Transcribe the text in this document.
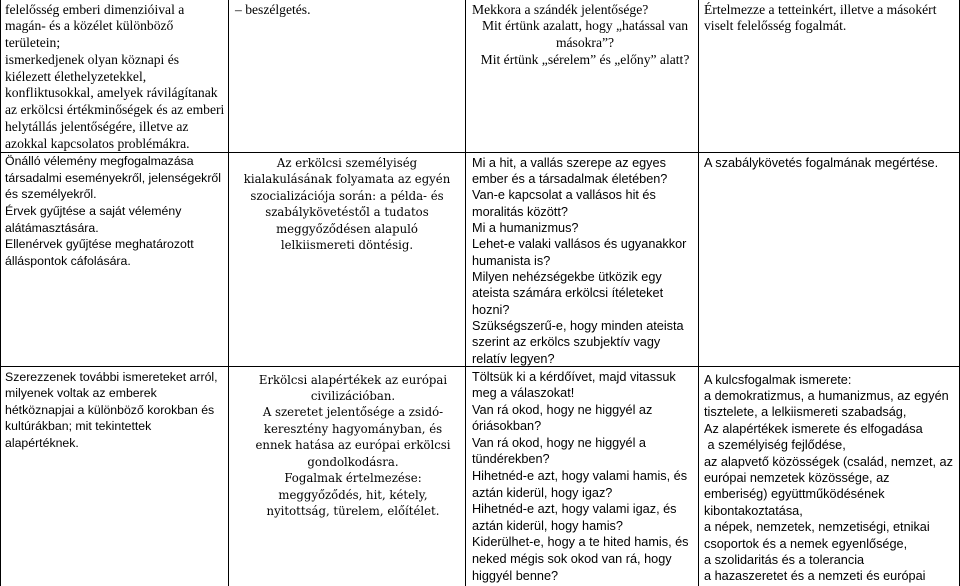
felelősség emberi dimenzióival a
magán- és a közélet különböző
területein;
ismerkedjenek olyan köznapi és
kiélezett élethelyzetekkel,
konfliktusokkal, amelyek rávilágítanak
az erkölcsi értékminőségek és az emberi
helytállás jelentőségére, illetve az
azokkal kapcsolatos problémákra.
– beszélgetés.	Mekkora a szándék jelentősége?
Mit értünk azalatt, hogy „hatással van
másokra”?
Mit értünk „sérelem” és „előny” alatt?
Értelmezze a tetteinkért, illetve a másokért
viselt felelősség fogalmát.
Önálló vélemény megfogalmazása
társadalmi eseményekről, jelenségekről
és személyekről.
Érvek gyűjtése a saját vélemény
alátámasztására.
Ellenérvek gyűjtése meghatározott
álláspontok cáfolására.
Az erkölcsi személyiség
kialakulásának folyamata az egyén
szocializációja során: a példa- és
szabálykövetéstől a tudatos
meggyőződésen alapuló
lelkiismereti döntésig.
Mi a hit, a vallás szerepe az egyes
ember és a társadalmak életében?
Van-e kapcsolat a vallásos hit és
moralitás között?
Mi a humanizmus?
Lehet-e valaki vallásos és ugyanakkor
humanista is?
Milyen nehézségekbe ütközik egy
ateista számára erkölcsi ítéleteket
hozni?
Szükségszerű-e, hogy minden ateista
szerint az erkölcs szubjektív vagy
relatív legyen?
A szabálykövetés fogalmának megértése.
Szerezzenek további ismereteket arról,
milyenek voltak az emberek
hétköznapjai a különböző korokban és
kultúrákban; mit tekintettek
alapértéknek.
Erkölcsi alapértékek az európai
civilizációban.
A szeretet jelentősége a zsidó-
keresztény hagyományban, és
ennek hatása az európai erkölcsi
gondolkodásra.
Fogalmak értelmezése:
meggyőződés, hit, kétely,
nyitottság, türelem, előítélet.
Töltsük ki a kérdőívet, majd vitassuk
meg a válaszokat!
Van rá okod, hogy ne higgyél az
óriásokban?
Van rá okod, hogy ne higgyél a
tündérekben?
Hihetnéd-e azt, hogy valami hamis, és
aztán kiderül, hogy igaz?
Hihetnéd-e azt, hogy valami igaz, és
aztán kiderül, hogy hamis?
Kiderülhet-e, hogy a te hited hamis, és
neked mégis sok okod van rá, hogy
higgyél benne?
A kulcsfogalmak ismerete:
a demokratizmus, a humanizmus, az egyén
tisztelete, a lelkiismereti szabadság,
Az alapértékek ismerete és elfogadása
a személyiség fejlődése,
az alapvető közösségek (család, nemzet, az
európai nemzetek közössége, az
emberiség) együttműködésének
kibontakoztatása,
a népek, nemzetek, nemzetiségi, etnikai
csoportok és a nemek egyenlősége,
a szolidaritás és a tolerancia
a hazaszeretet és a nemzeti és európai
